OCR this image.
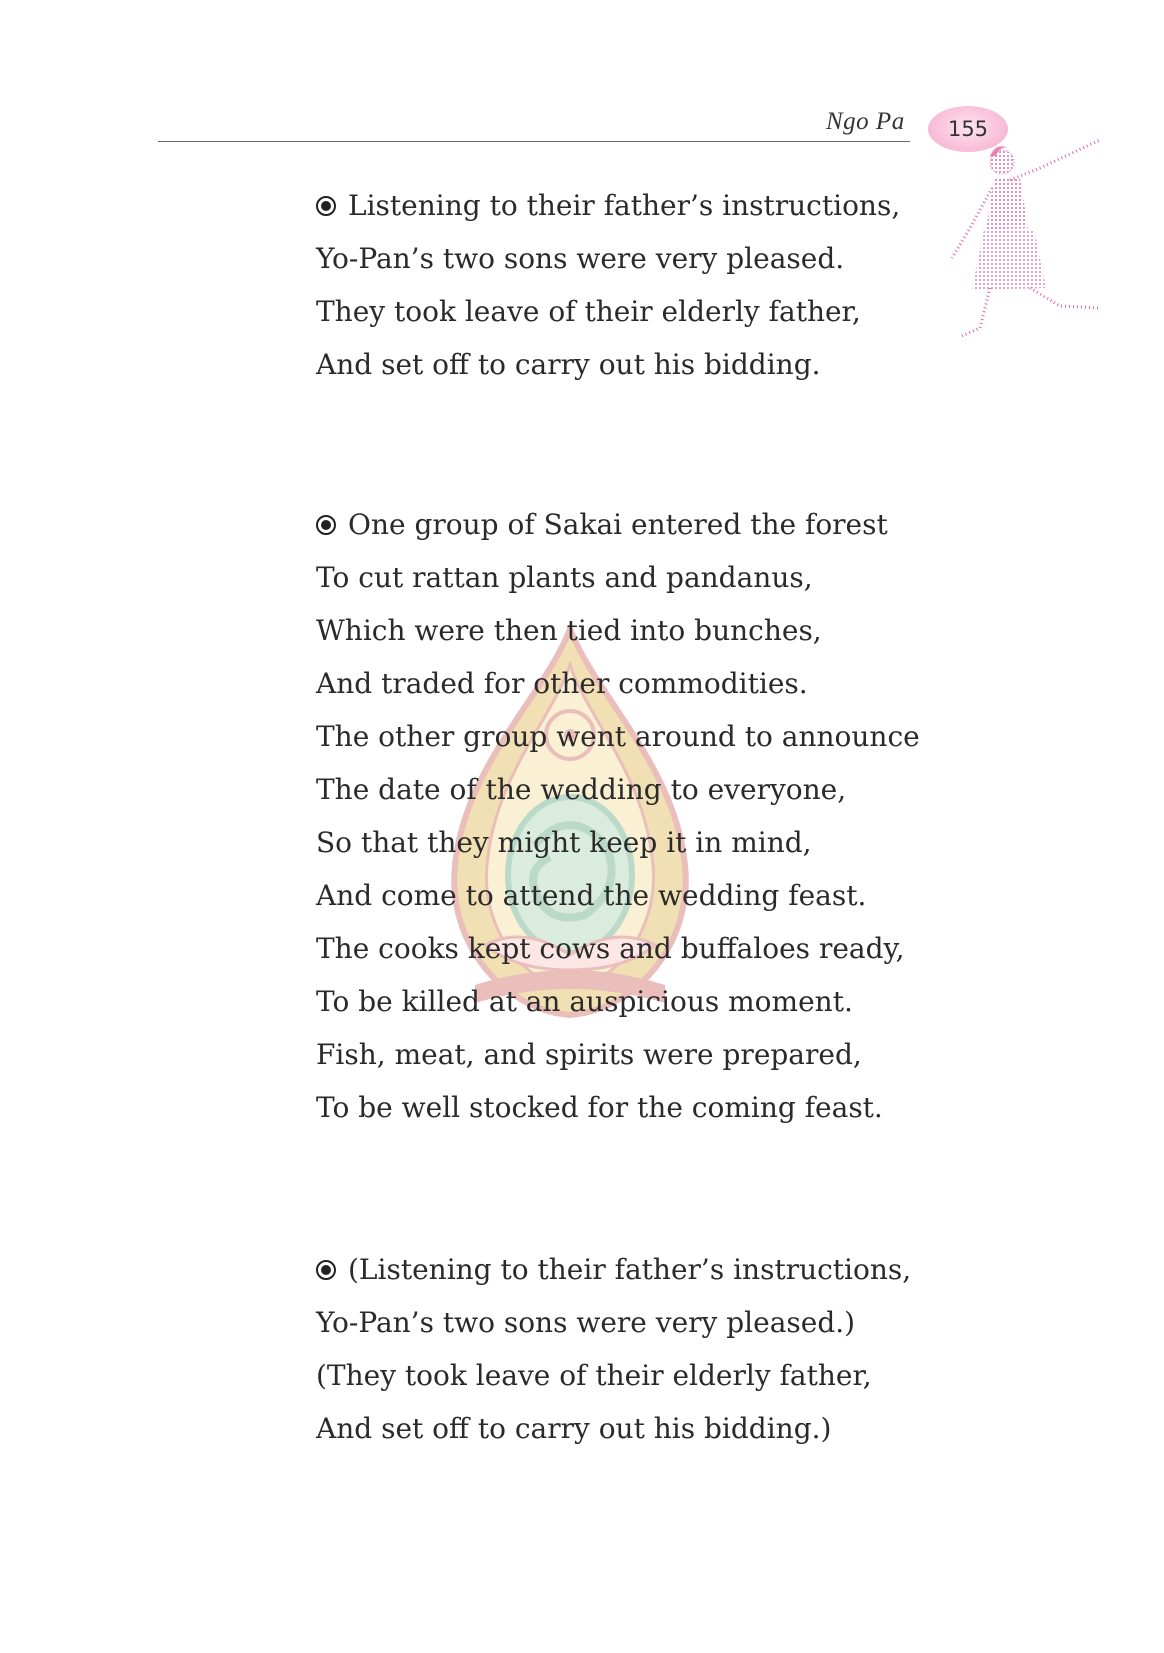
Ngo Pa 155
Listening to their father’s instructions,
Yo-Pan’s two sons were very pleased.
They took leave of their elderly father,
And set off to carry out his bidding.
One group of Sakai entered the forest
To cut rattan plants and pandanus,
Which were then tied into bunches,
And traded for other commodities.
The other group went around to announce
The date of the wedding to everyone,
So that they might keep it in mind,
And come to attend the wedding feast.
The cooks kept cows and buffaloes ready,
To be killed at an auspicious moment.
Fish, meat, and spirits were prepared,
To be well stocked for the coming feast.
(Listening to their father’s instructions,
Yo-Pan’s two sons were very pleased.)
(They took leave of their elderly father,
And set off to carry out his bidding.)
